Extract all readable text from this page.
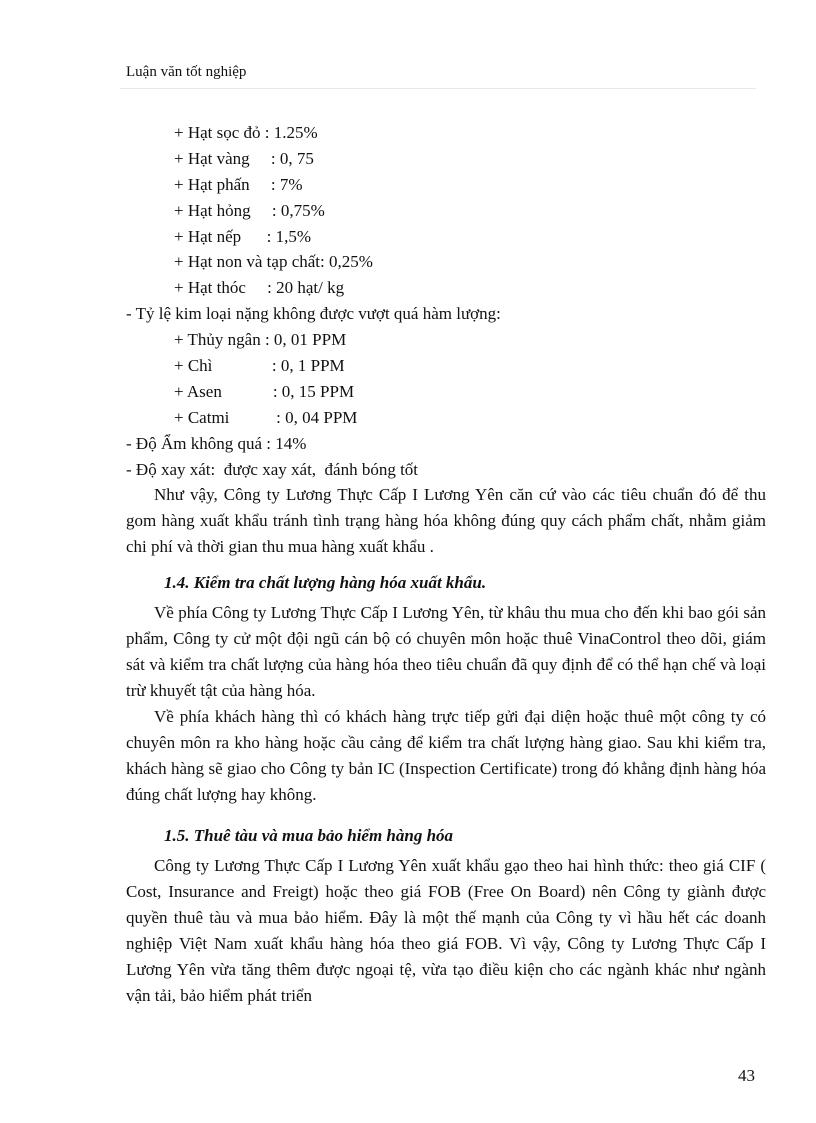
Luận văn tốt nghiệp
+ Hạt sọc đỏ : 1.25%
+ Hạt vàng     : 0, 75
+ Hạt phấn     : 7%
+ Hạt hỏng     : 0,75%
+ Hạt nếp      : 1,5%
+ Hạt non và tạp chất: 0,25%
+ Hạt thóc     : 20 hạt/ kg
- Tỷ lệ kim loại nặng không được vượt quá hàm lượng:
+ Thủy ngân : 0, 01 PPM
+ Chì              : 0, 1 PPM
+ Asen            : 0, 15 PPM
+ Catmi           : 0, 04 PPM
- Độ Ẩm không quá : 14%
- Độ xay xát:  được xay xát,  đánh bóng tốt

Như vậy, Công ty Lương Thực Cấp I Lương Yên căn cứ vào các tiêu chuẩn đó để thu gom hàng xuất khẩu tránh tình trạng hàng hóa không đúng quy cách phẩm chất, nhằm giảm chi phí và thời gian thu mua hàng xuất khẩu .

1.4. Kiểm tra chất lượng hàng hóa xuất khẩu.

Về phía Công ty Lương Thực Cấp I Lương Yên, từ khâu thu mua cho đến khi bao gói sản phẩm, Công ty cử một đội ngũ cán bộ có chuyên môn hoặc thuê VinaControl theo dõi, giám sát và kiểm tra chất lượng của hàng hóa theo tiêu chuẩn đã quy định để có thể hạn chế và loại trừ khuyết tật của hàng hóa.

Về phía khách hàng thì có khách hàng trực tiếp gửi đại diện hoặc thuê một công ty có chuyên môn ra kho hàng hoặc cầu cảng để kiểm tra chất lượng hàng giao. Sau khi kiểm tra, khách hàng sẽ giao cho Công ty bản IC (Inspection Certificate) trong đó khẳng định hàng hóa đúng chất lượng hay không.

1.5. Thuê tàu và mua bảo hiểm hàng hóa

Công ty Lương Thực Cấp I Lương Yên xuất khẩu gạo theo hai hình thức: theo giá CIF ( Cost, Insurance and Freigt) hoặc theo giá FOB (Free On Board) nên Công ty giành được quyền thuê tàu và mua bảo hiểm. Đây là một thế mạnh của Công ty vì hầu hết các doanh nghiệp Việt Nam xuất khẩu hàng hóa theo giá FOB. Vì vậy, Công ty Lương Thực Cấp I Lương Yên vừa tăng thêm được ngoại tệ, vừa tạo điều kiện cho các ngành khác như ngành vận tải, bảo hiểm phát triển

43
